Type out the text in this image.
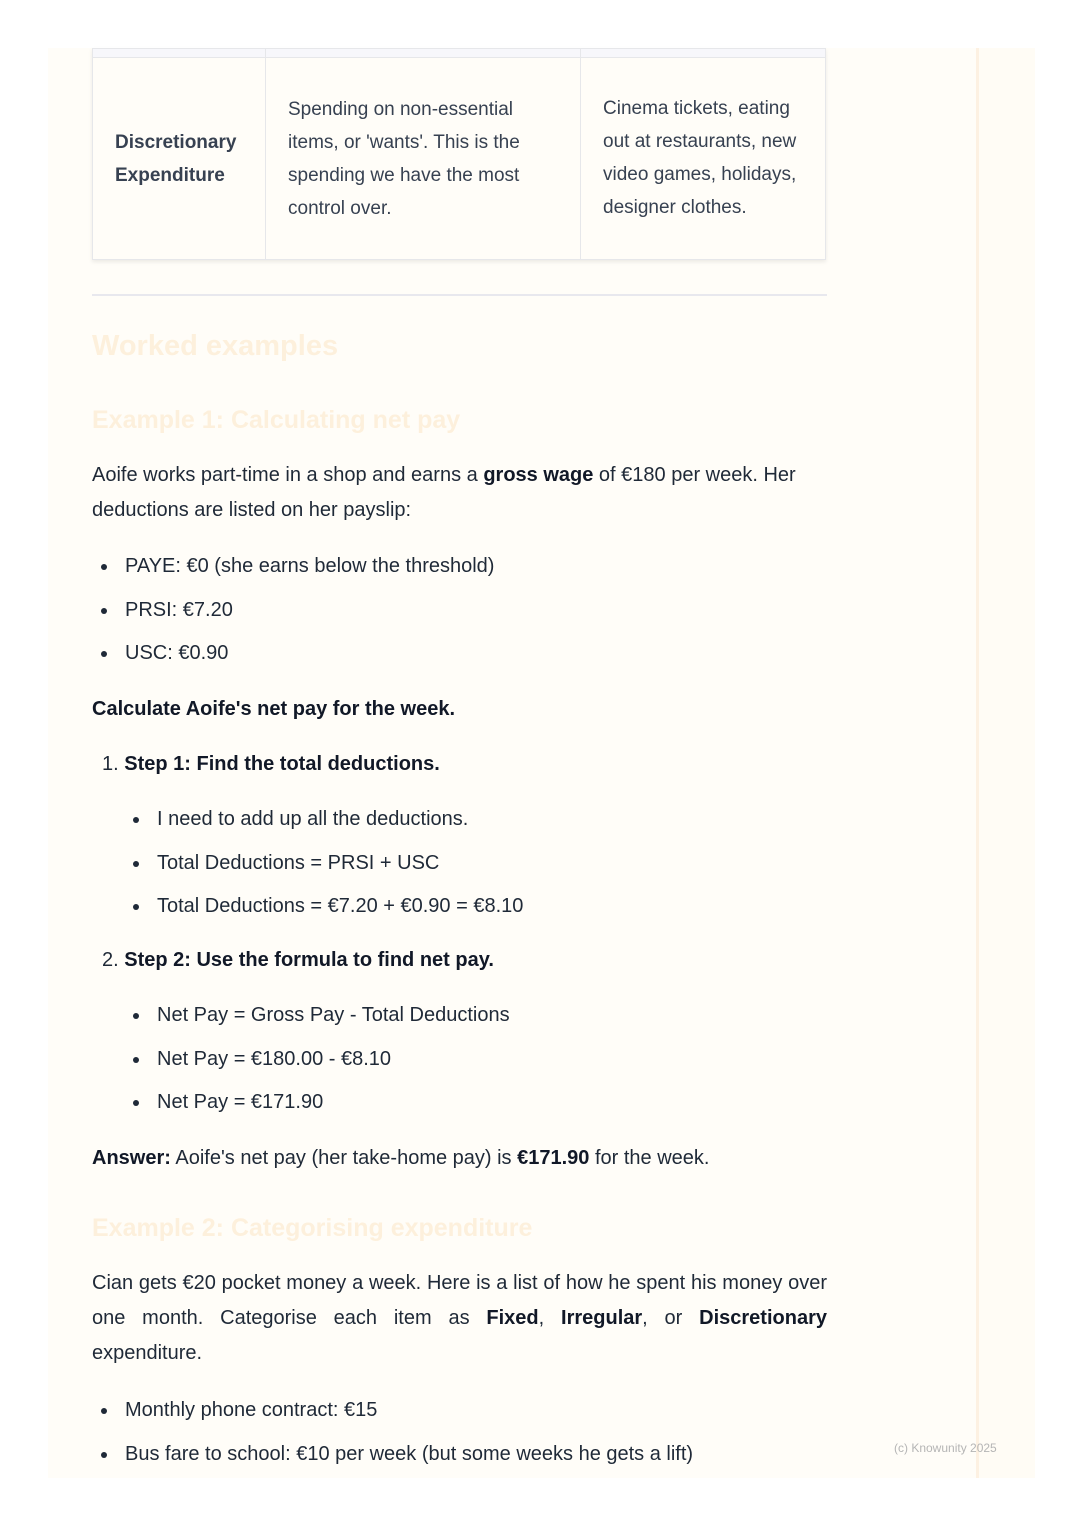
Discretionary Expenditure	Spending on non-essential items, or 'wants'. This is the spending we have the most control over.	Cinema tickets, eating out at restaurants, new video games, holidays, designer clothes.
Worked examples
Example 1: Calculating net pay

Aoife works part-time in a shop and earns a gross wage of €180 per week. Her deductions are listed on her payslip:

PAYE: €0 (she earns below the threshold)
PRSI: €7.20
USC: €0.90

Calculate Aoife's net pay for the week.

1. Step 1: Find the total deductions.
I need to add up all the deductions.
Total Deductions = PRSI + USC
Total Deductions = €7.20 + €0.90 = €8.10
2. Step 2: Use the formula to find net pay.
Net Pay = Gross Pay - Total Deductions
Net Pay = €180.00 - €8.10
Net Pay = €171.90

Answer: Aoife's net pay (her take-home pay) is €171.90 for the week.

Example 2: Categorising expenditure

Cian gets €20 pocket money a week. Here is a list of how he spent his money over one month. Categorise each item as Fixed, Irregular, or Discretionary expenditure.

Monthly phone contract: €15
Bus fare to school: €10 per week (but some weeks he gets a lift)	(c) Knowunity 2025
